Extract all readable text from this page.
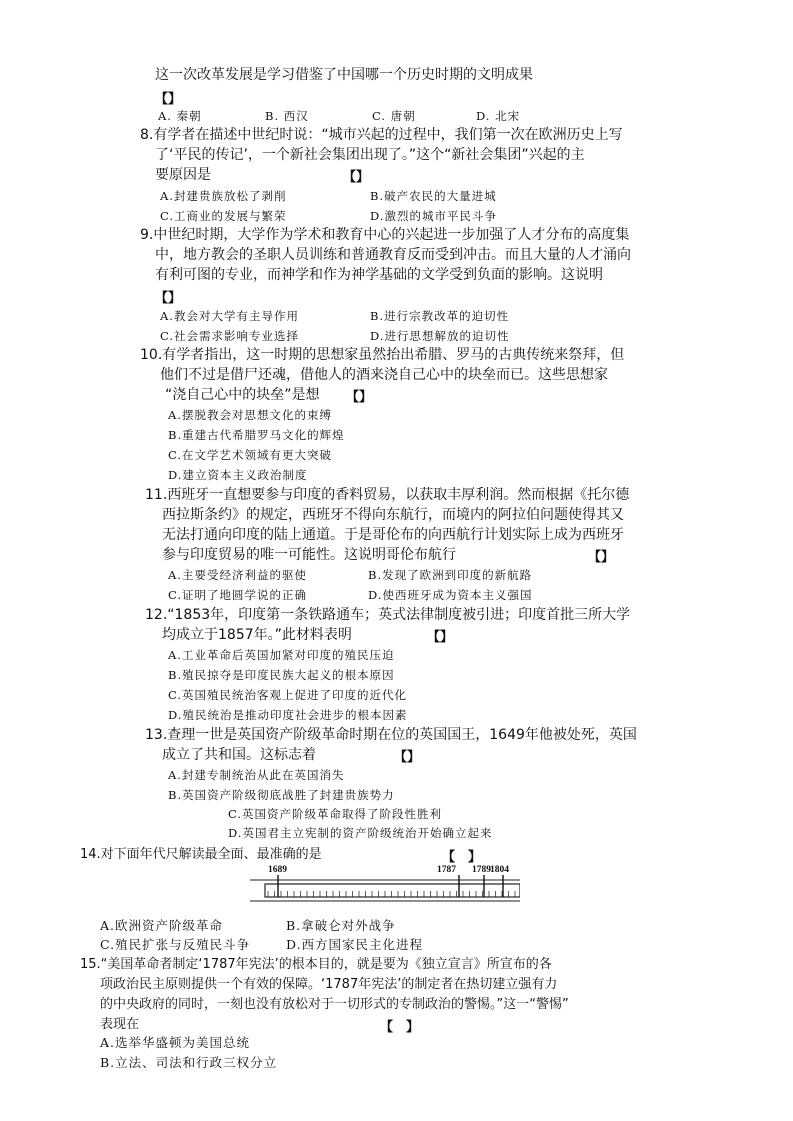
这一次改革发展是学习借鉴了中国哪一个历史时期的文明成果
【】
A. 秦朝	B. 西汉	C. 唐朝	D. 北宋
8.有学者在描述中世纪时说：“城市兴起的过程中，我们第一次在欧洲历史上写
了‘平民的传记’，一个新社会集团出现了。”这个“新社会集团”兴起的主
要原因是	【】
A.封建贵族放松了剥削	B.破产农民的大量进城
C.工商业的发展与繁荣	D.激烈的城市平民斗争
9.中世纪时期，大学作为学术和教育中心的兴起进一步加强了人才分布的高度集
中，地方教会的圣职人员训练和普通教育反而受到冲击。而且大量的人才涌向
有利可图的专业，而神学和作为神学基础的文学受到负面的影响。这说明
【】
A.教会对大学有主导作用	B.进行宗教改革的迫切性
C.社会需求影响专业选择	D.进行思想解放的迫切性
10.有学者指出，这一时期的思想家虽然抬出希腊、罗马的古典传统来祭拜，但
他们不过是借尸还魂，借他人的酒来浇自己心中的块垒而已。这些思想家
“浇自己心中的块垒”是想 【】
A.摆脱教会对思想文化的束缚
B.重建古代希腊罗马文化的辉煌
C.在文学艺术领域有更大突破
D.建立资本主义政治制度
11.西班牙一直想要参与印度的香料贸易，以获取丰厚利润。然而根据《托尔德
西拉斯条约》的规定，西班牙不得向东航行，而境内的阿拉伯问题使得其又
无法打通向印度的陆上通道。于是哥伦布的向西航行计划实际上成为西班牙
参与印度贸易的唯一可能性。这说明哥伦布航行	【】
A.主要受经济利益的驱使	B.发现了欧洲到印度的新航路
C.证明了地圆学说的正确	D.使西班牙成为资本主义强国
12.“1853年，印度第一条铁路通车；英式法律制度被引进；印度首批三所大学
均成立于1857年。”此材料表明	【】
A.工业革命后英国加紧对印度的殖民压迫
B.殖民掠夺是印度民族大起义的根本原因
C.英国殖民统治客观上促进了印度的近代化
D.殖民统治是推动印度社会进步的根本因素
13.查理一世是英国资产阶级革命时期在位的英国国王，1649年他被处死，英国
成立了共和国。这标志着	【】
A.封建专制统治从此在英国消失
B.英国资产阶级彻底战胜了封建贵族势力
C.英国资产阶级革命取得了阶段性胜利
D.英国君主立宪制的资产阶级统治开始确立起来
14.对下面年代尺解读最全面、最准确的是	【　】
1689	1787 1789 1804
A.欧洲资产阶级革命	B.拿破仑对外战争
C.殖民扩张与反殖民斗争	D.西方国家民主化进程
15.“美国革命者制定‘1787年宪法’的根本目的，就是要为《独立宣言》所宣布的各
项政治民主原则提供一个有效的保障。‘1787年宪法’的制定者在热切建立强有力
的中央政府的同时，一刻也没有放松对于一切形式的专制政治的警惕。”这一“警惕”
表现在	【　】
A.选举华盛顿为美国总统
B.立法、司法和行政三权分立
